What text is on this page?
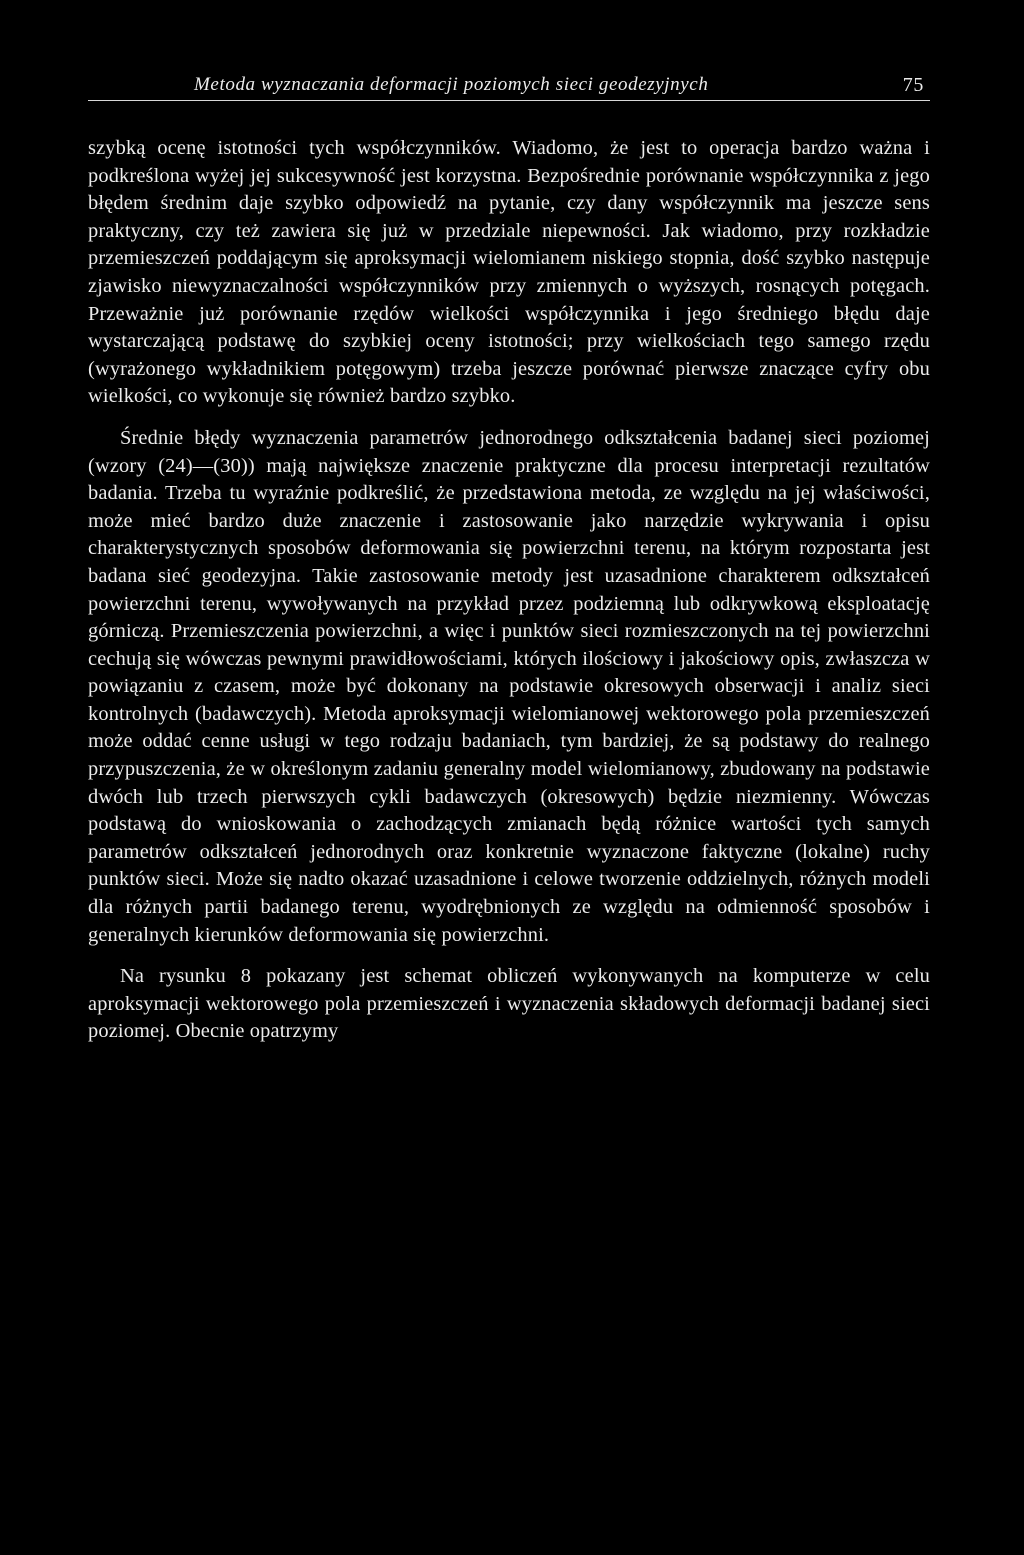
Metoda wyznaczania deformacji poziomych sieci geodezyjnych	75

szybką ocenę istotności tych współczynników. Wiadomo, że jest to operacja bardzo ważna i podkreślona wyżej jej sukcesywność jest korzystna. Bezpośrednie porównanie współczynnika z jego błędem średnim daje szybko odpowiedź na pytanie, czy dany współczynnik ma jeszcze sens praktyczny, czy też zawiera się już w przedziale niepewności. Jak wiadomo, przy rozkładzie przemieszczeń poddającym się aproksymacji wielomianem niskiego stopnia, dość szybko następuje zjawisko niewyznaczalności współczynników przy zmiennych o wyższych, rosnących potęgach. Przeważnie już porównanie rzędów wielkości współczynnika i jego średniego błędu daje wystarczającą podstawę do szybkiej oceny istotności; przy wielkościach tego samego rzędu (wyrażonego wykładnikiem potęgowym) trzeba jeszcze porównać pierwsze znaczące cyfry obu wielkości, co wykonuje się również bardzo szybko.

Średnie błędy wyznaczenia parametrów jednorodnego odkształcenia badanej sieci poziomej (wzory (24)—(30)) mają największe znaczenie praktyczne dla procesu interpretacji rezultatów badania. Trzeba tu wyraźnie podkreślić, że przedstawiona metoda, ze względu na jej właściwości, może mieć bardzo duże znaczenie i zastosowanie jako narzędzie wykrywania i opisu charakterystycznych sposobów deformowania się powierzchni terenu, na którym rozpostarta jest badana sieć geodezyjna. Takie zastosowanie metody jest uzasadnione charakterem odkształceń powierzchni terenu, wywoływanych na przykład przez podziemną lub odkrywkową eksploatację górniczą. Przemieszczenia powierzchni, a więc i punktów sieci rozmieszczonych na tej powierzchni cechują się wówczas pewnymi prawidłowościami, których ilościowy i jakościowy opis, zwłaszcza w powiązaniu z czasem, może być dokonany na podstawie okresowych obserwacji i analiz sieci kontrolnych (badawczych). Metoda aproksymacji wielomianowej wektorowego pola przemieszczeń może oddać cenne usługi w tego rodzaju badaniach, tym bardziej, że są podstawy do realnego przypuszczenia, że w określonym zadaniu generalny model wielomianowy, zbudowany na podstawie dwóch lub trzech pierwszych cykli badawczych (okresowych) będzie niezmienny. Wówczas podstawą do wnioskowania o zachodzących zmianach będą różnice wartości tych samych parametrów odkształceń jednorodnych oraz konkretnie wyznaczone faktyczne (lokalne) ruchy punktów sieci. Może się nadto okazać uzasadnione i celowe tworzenie oddzielnych, różnych modeli dla różnych partii badanego terenu, wyodrębnionych ze względu na odmienność sposobów i generalnych kierunków deformowania się powierzchni.

Na rysunku 8 pokazany jest schemat obliczeń wykonywanych na komputerze w celu aproksymacji wektorowego pola przemieszczeń i wyznaczenia składowych deformacji badanej sieci poziomej. Obecnie opatrzymy
